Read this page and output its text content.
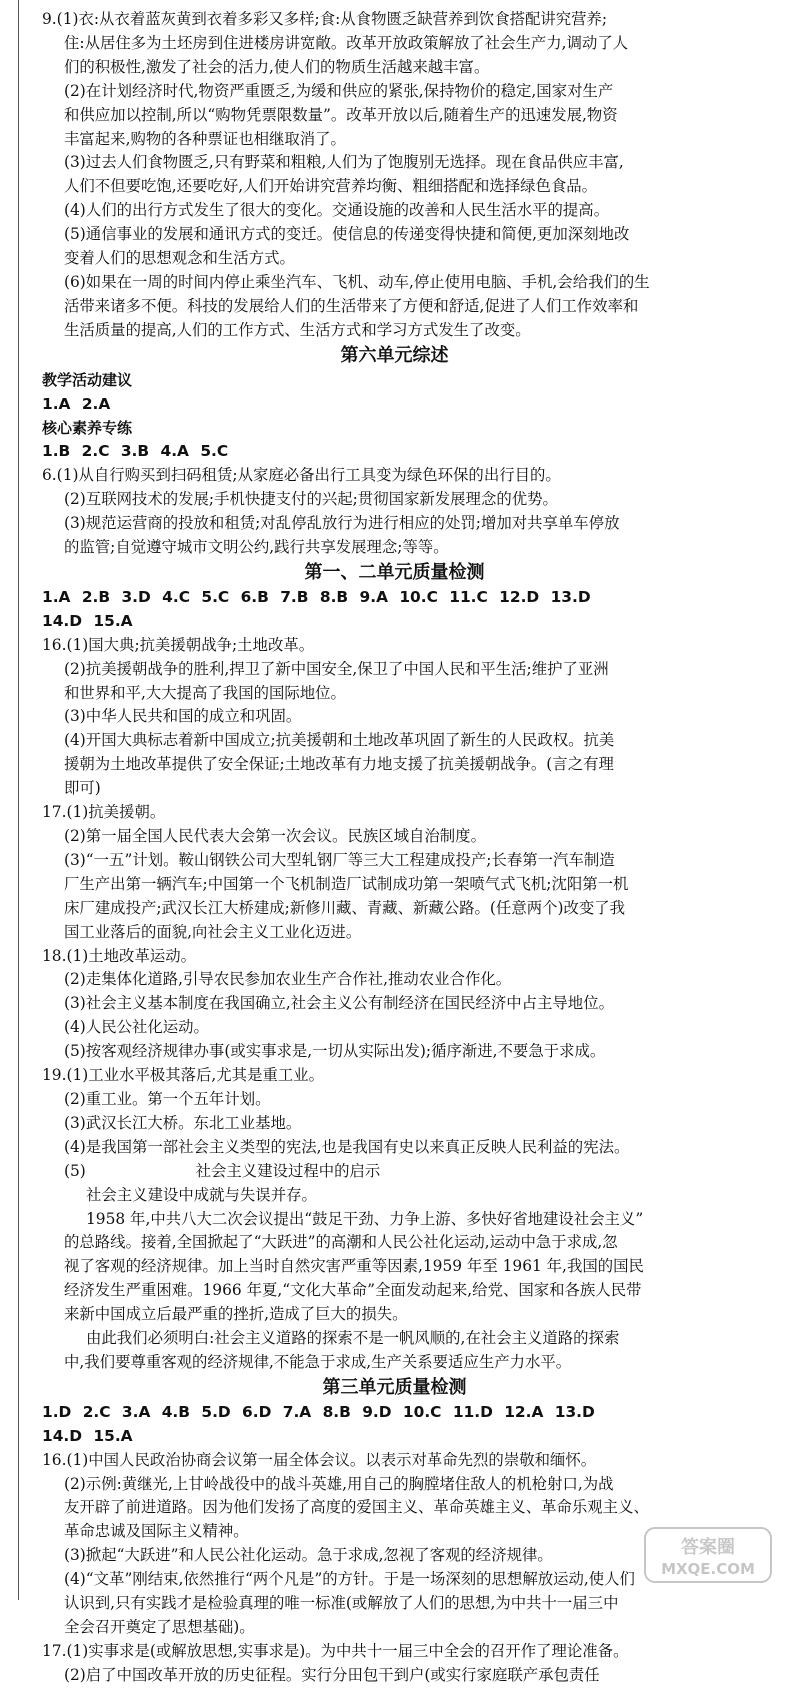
9.(1)衣:从衣着蓝灰黄到衣着多彩又多样;食:从食物匮乏缺营养到饮食搭配讲究营养;
住:从居住多为土坯房到住进楼房讲宽敞。改革开放政策解放了社会生产力,调动了人
们的积极性,激发了社会的活力,使人们的物质生活越来越丰富。
(2)在计划经济时代,物资严重匮乏,为缓和供应的紧张,保持物价的稳定,国家对生产
和供应加以控制,所以“购物凭票限数量”。改革开放以后,随着生产的迅速发展,物资
丰富起来,购物的各种票证也相继取消了。
(3)过去人们食物匮乏,只有野菜和粗粮,人们为了饱腹别无选择。现在食品供应丰富,
人们不但要吃饱,还要吃好,人们开始讲究营养均衡、粗细搭配和选择绿色食品。
(4)人们的出行方式发生了很大的变化。交通设施的改善和人民生活水平的提高。
(5)通信事业的发展和通讯方式的变迁。使信息的传递变得快捷和简便,更加深刻地改
变着人们的思想观念和生活方式。
(6)如果在一周的时间内停止乘坐汽车、飞机、动车,停止使用电脑、手机,会给我们的生
活带来诸多不便。科技的发展给人们的生活带来了方便和舒适,促进了人们工作效率和
生活质量的提高,人们的工作方式、生活方式和学习方式发生了改变。
第六单元综述
教学活动建议
1.A 2.A
核心素养专练
1.B 2.C 3.B 4.A 5.C
6.(1)从自行购买到扫码租赁;从家庭必备出行工具变为绿色环保的出行目的。
(2)互联网技术的发展;手机快捷支付的兴起;贯彻国家新发展理念的优势。
(3)规范运营商的投放和租赁;对乱停乱放行为进行相应的处罚;增加对共享单车停放
的监管;自觉遵守城市文明公约,践行共享发展理念;等等。
第一、二单元质量检测
1.A 2.B 3.D 4.C 5.C 6.B 7.B 8.B 9.A 10.C 11.C 12.D 13.D
14.D 15.A
16.(1)国大典;抗美援朝战争;土地改革。
(2)抗美援朝战争的胜利,捍卫了新中国安全,保卫了中国人民和平生活;维护了亚洲
和世界和平,大大提高了我国的国际地位。
(3)中华人民共和国的成立和巩固。
(4)开国大典标志着新中国成立;抗美援朝和土地改革巩固了新生的人民政权。抗美
援朝为土地改革提供了安全保证;土地改革有力地支援了抗美援朝战争。(言之有理
即可)
17.(1)抗美援朝。
(2)第一届全国人民代表大会第一次会议。民族区域自治制度。
(3)“一五”计划。鞍山钢铁公司大型轧钢厂等三大工程建成投产;长春第一汽车制造
厂生产出第一辆汽车;中国第一个飞机制造厂试制成功第一架喷气式飞机;沈阳第一机
床厂建成投产;武汉长江大桥建成;新修川藏、青藏、新藏公路。(任意两个)改变了我
国工业落后的面貌,向社会主义工业化迈进。
18.(1)土地改革运动。
(2)走集体化道路,引导农民参加农业生产合作社,推动农业合作化。
(3)社会主义基本制度在我国确立,社会主义公有制经济在国民经济中占主导地位。
(4)人民公社化运动。
(5)按客观经济规律办事(或实事求是,一切从实际出发);循序渐进,不要急于求成。
19.(1)工业水平极其落后,尤其是重工业。
(2)重工业。第一个五年计划。
(3)武汉长江大桥。东北工业基地。
(4)是我国第一部社会主义类型的宪法,也是我国有史以来真正反映人民利益的宪法。
(5)	社会主义建设过程中的启示
社会主义建设中成就与失误并存。
1958 年,中共八大二次会议提出“鼓足干劲、力争上游、多快好省地建设社会主义”
的总路线。接着,全国掀起了“大跃进”的高潮和人民公社化运动,运动中急于求成,忽
视了客观的经济规律。加上当时自然灾害严重等因素,1959 年至 1961 年,我国的国民
经济发生严重困难。1966 年夏,“文化大革命”全面发动起来,给党、国家和各族人民带
来新中国成立后最严重的挫折,造成了巨大的损失。
由此我们必须明白:社会主义道路的探索不是一帆风顺的,在社会主义道路的探索
中,我们要尊重客观的经济规律,不能急于求成,生产关系要适应生产力水平。
第三单元质量检测
1.D 2.C 3.A 4.B 5.D 6.D 7.A 8.B 9.D 10.C 11.D 12.A 13.D
14.D 15.A
16.(1)中国人民政治协商会议第一届全体会议。以表示对革命先烈的崇敬和缅怀。
(2)示例:黄继光,上甘岭战役中的战斗英雄,用自己的胸膛堵住敌人的机枪射口,为战
友开辟了前进道路。因为他们发扬了高度的爱国主义、革命英雄主义、革命乐观主义、
革命忠诚及国际主义精神。
(3)掀起“大跃进”和人民公社化运动。急于求成,忽视了客观的经济规律。
(4)“文革”刚结束,依然推行“两个凡是”的方针。于是一场深刻的思想解放运动,使人们
认识到,只有实践才是检验真理的唯一标准(或解放了人们的思想,为中共十一届三中
全会召开奠定了思想基础)。
17.(1)实事求是(或解放思想,实事求是)。为中共十一届三中全会的召开作了理论准备。
(2)启了中国改革开放的历史征程。实行分田包干到户(或实行家庭联产承包责任
答案圈
MXQE.COM
